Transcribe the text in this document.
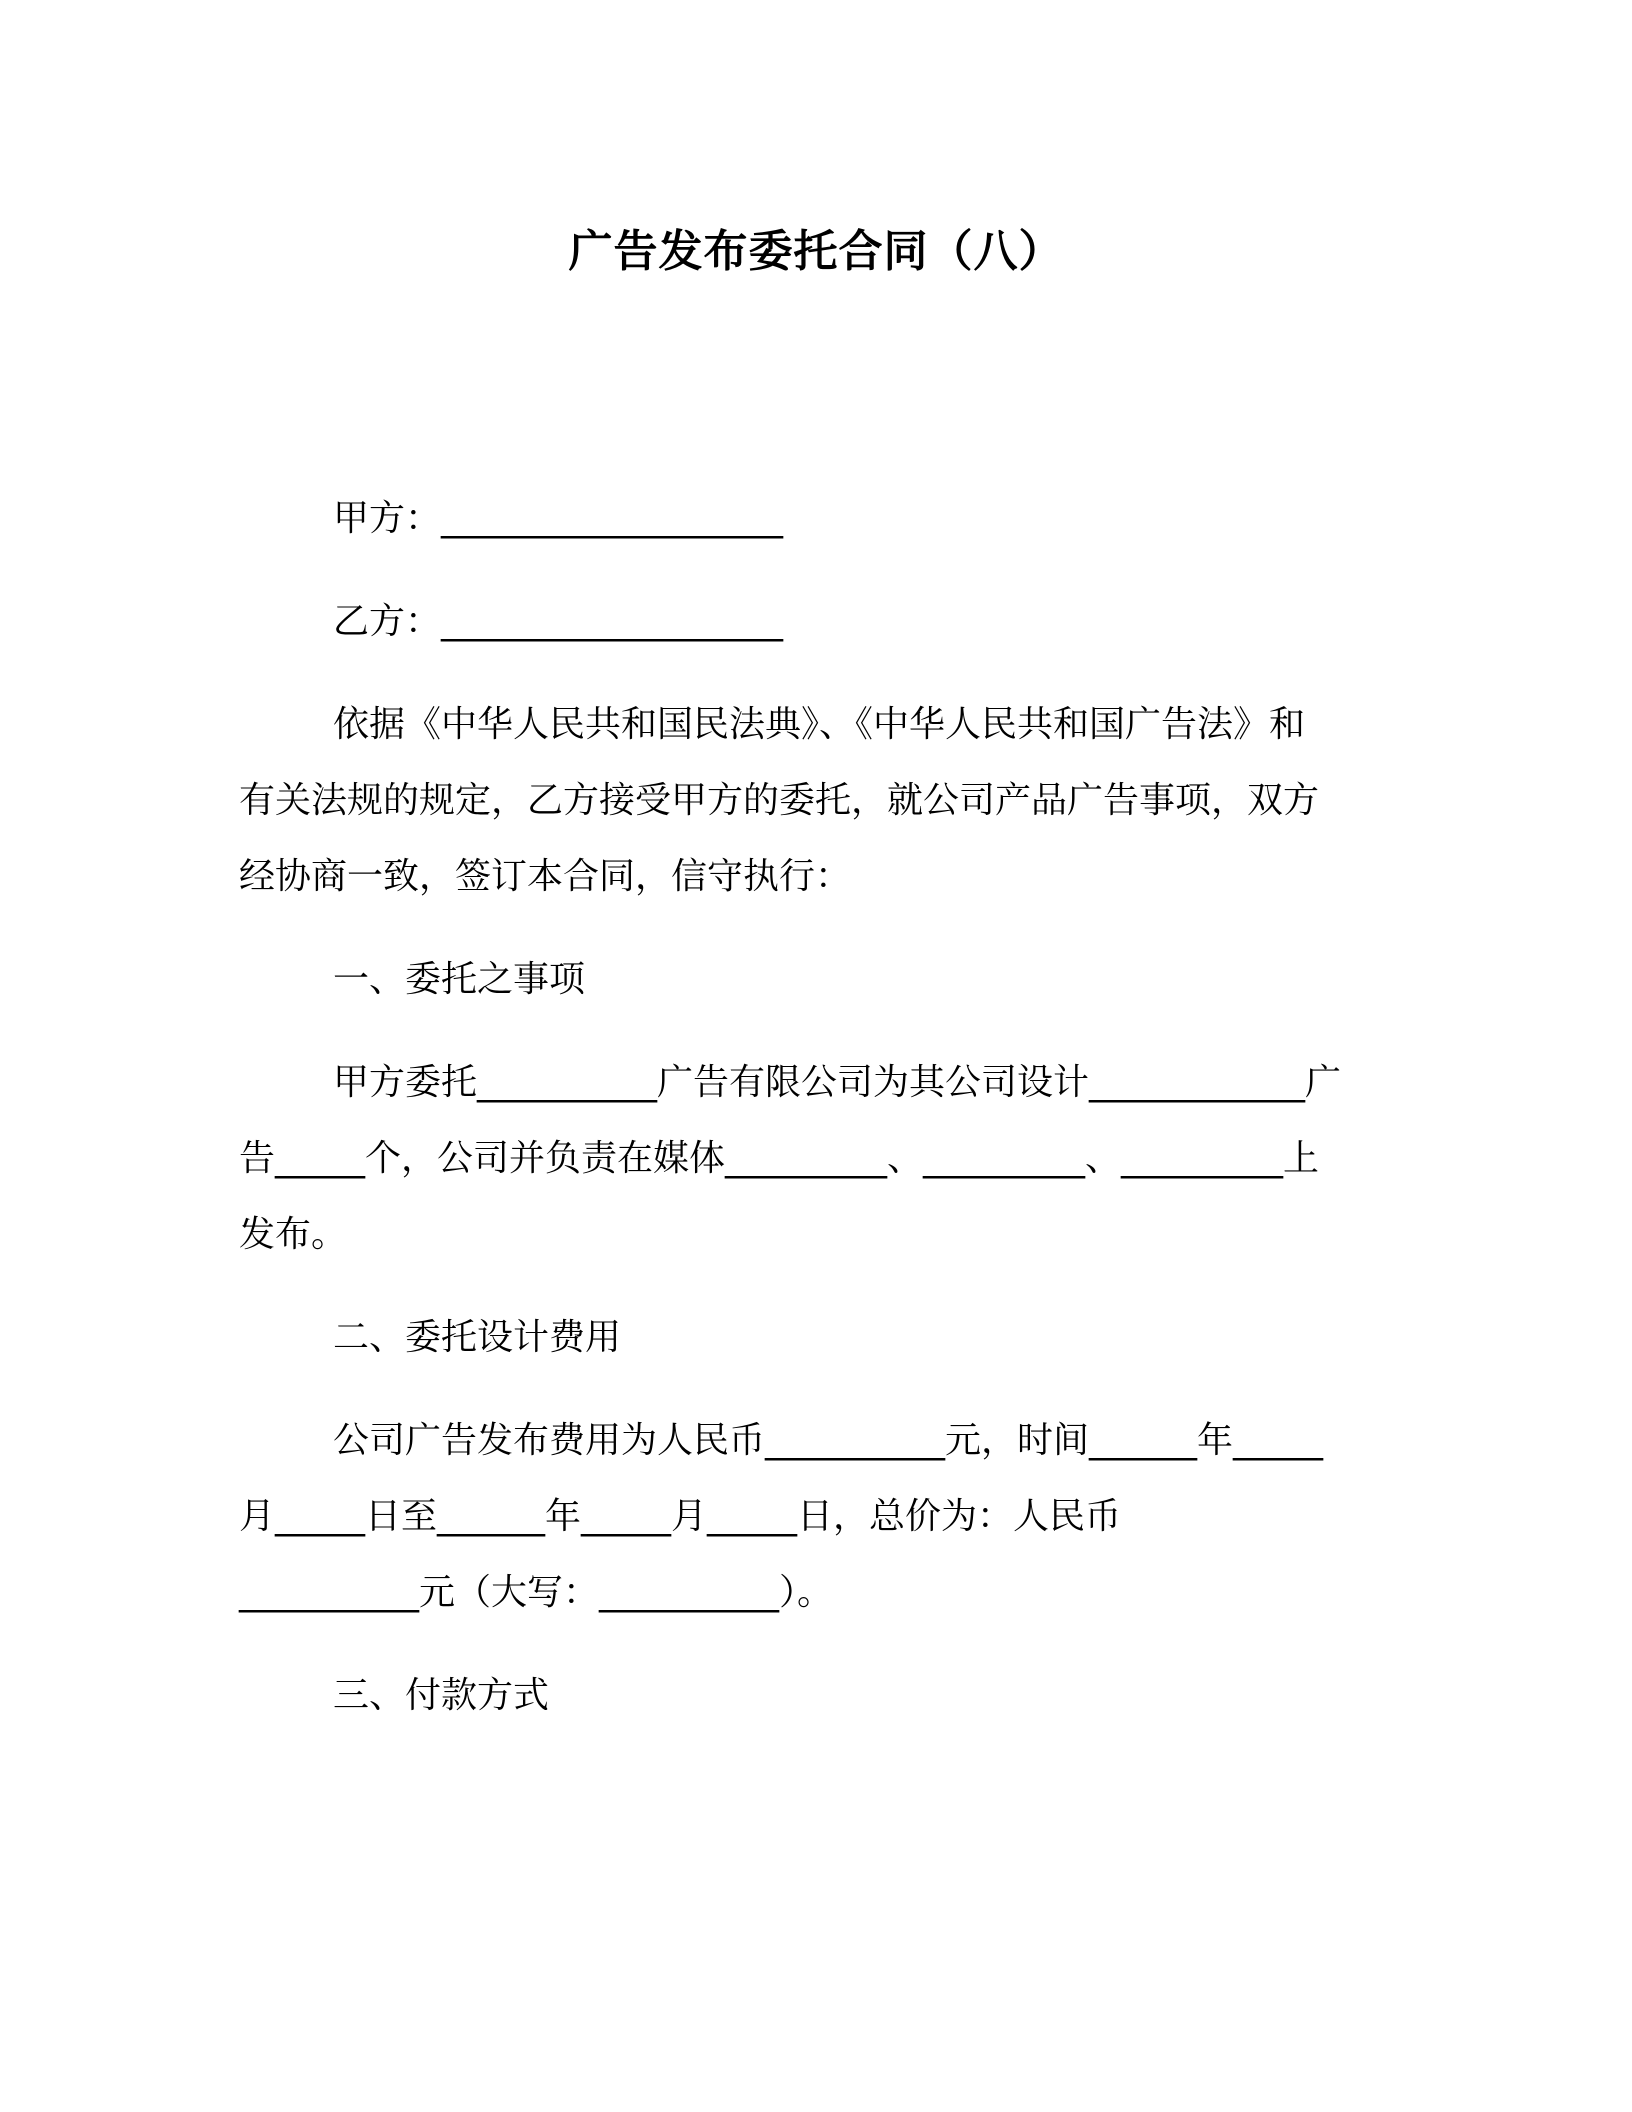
广告发布委托合同（八）
甲方：___________________
乙方：___________________
依据《中华人民共和国民法典》、《中华人民共和国广告法》和
有关法规的规定，乙方接受甲方的委托，就公司产品广告事项，双方
经协商一致，签订本合同，信守执行：
一、委托之事项
甲方委托__________广告有限公司为其公司设计____________广
告_____个，公司并负责在媒体_________、_________、_________上
发布。
二、委托设计费用
公司广告发布费用为人民币__________元，时间______年_____
月_____日至______年_____月_____日，总价为：人民币
__________元（大写：__________）。
三、付款方式
